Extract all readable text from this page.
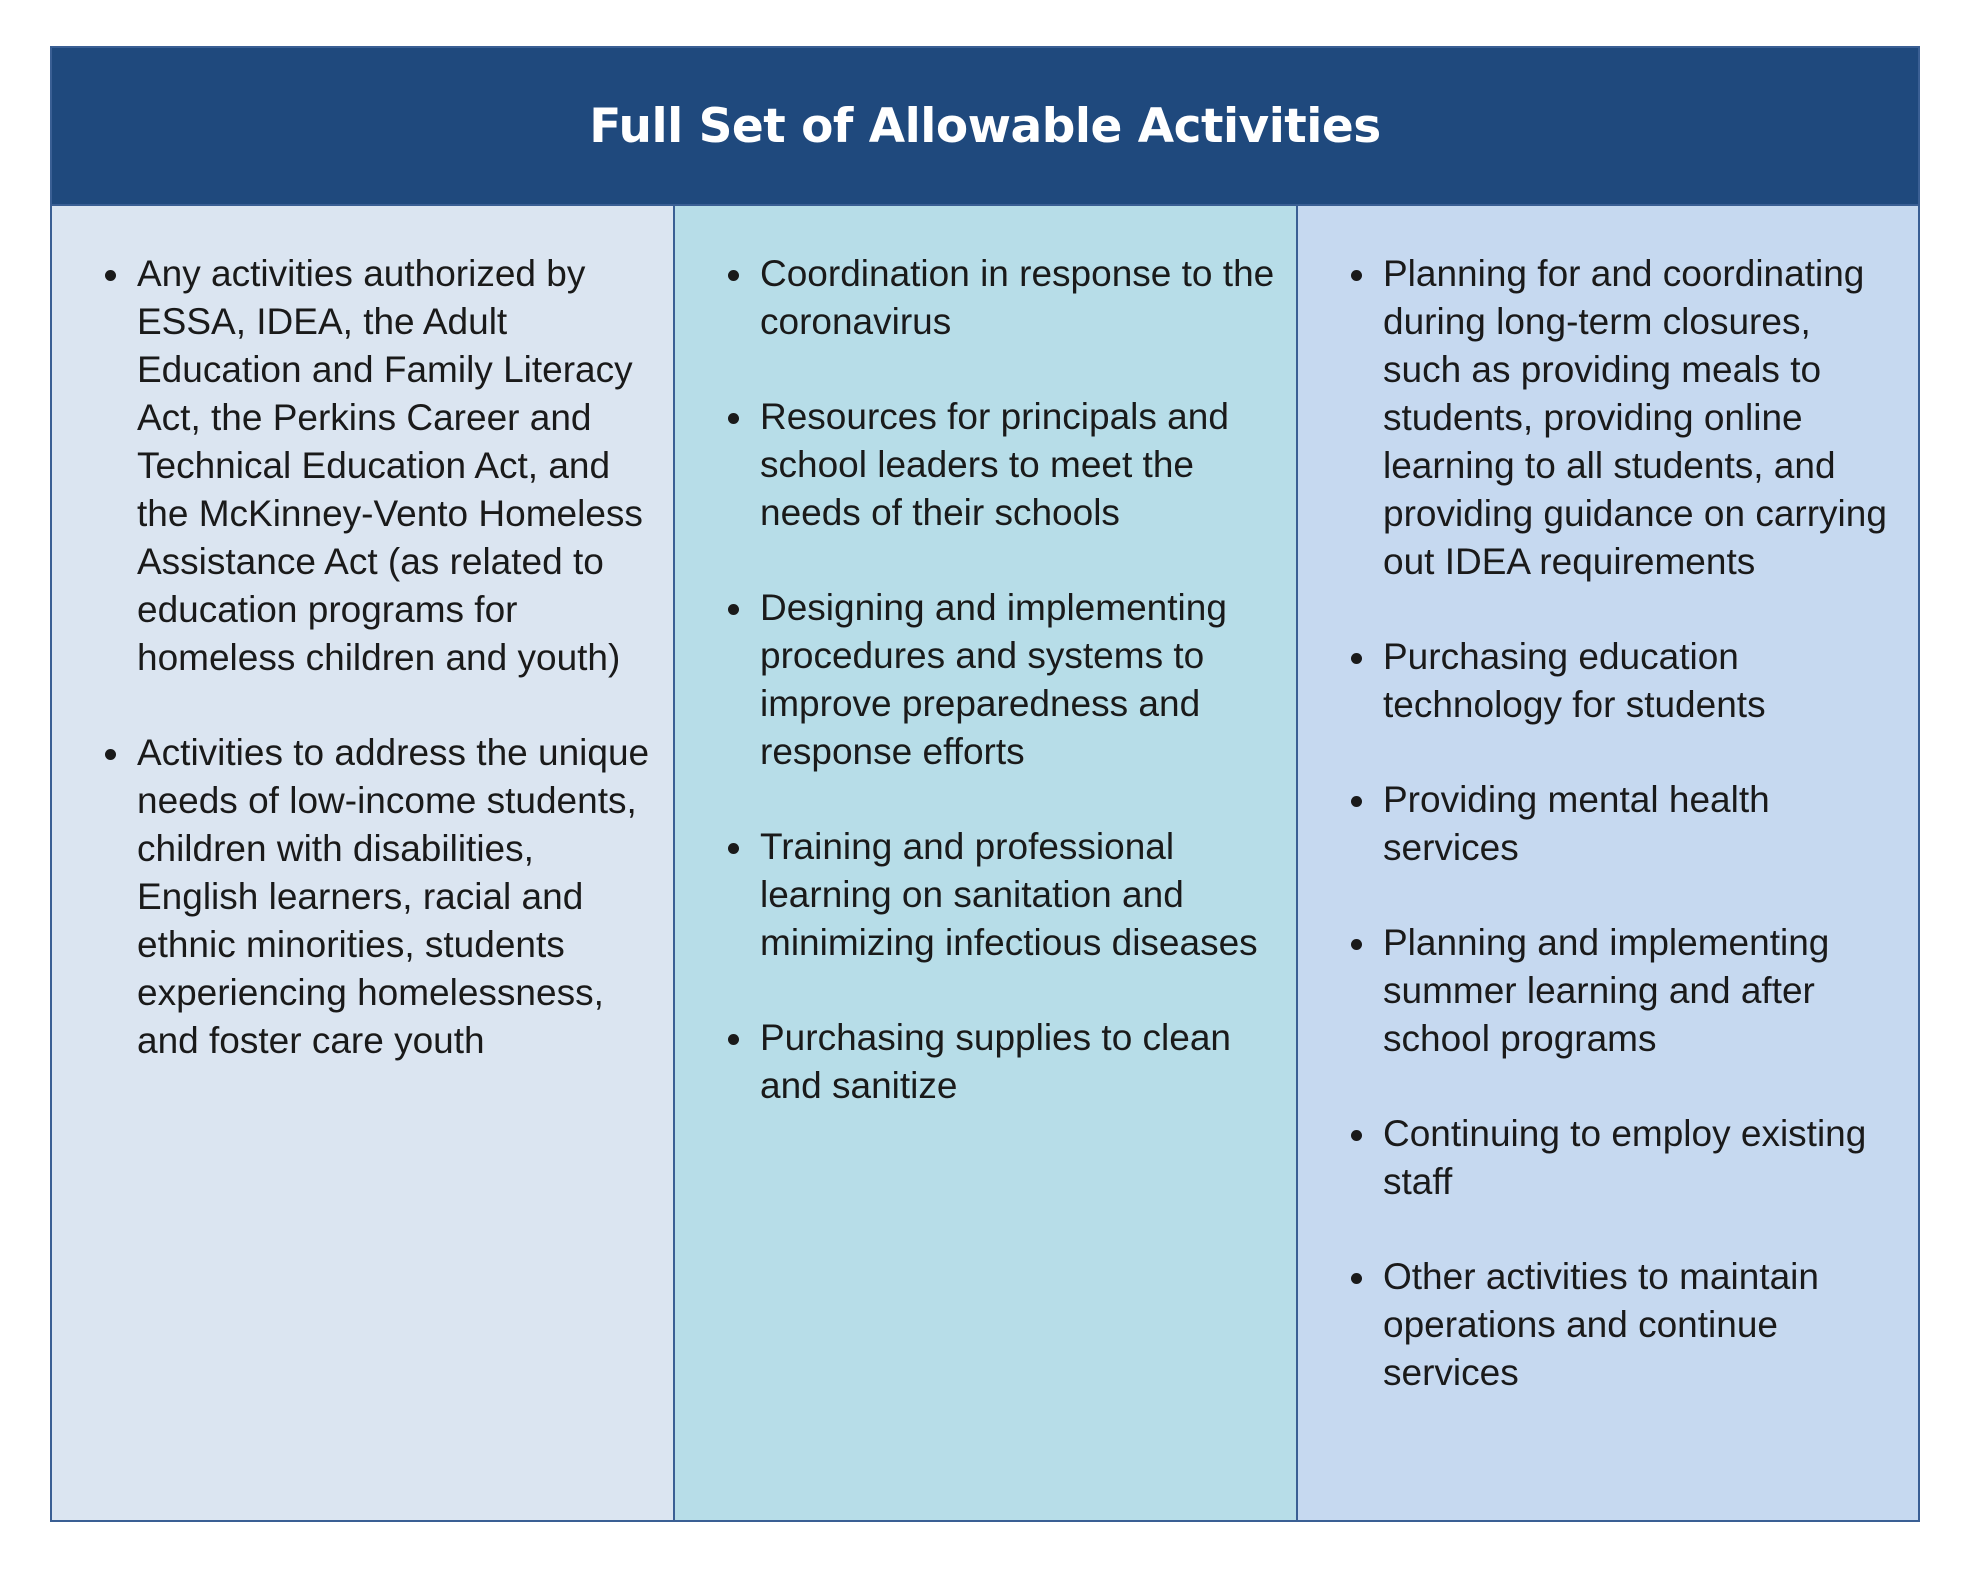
Full Set of Allowable Activities
Any activities authorized by ESSA, IDEA, the Adult Education and Family Literacy Act, the Perkins Career and Technical Education Act, and the McKinney-Vento Homeless Assistance Act (as related to education programs for homeless children and youth)
Activities to address the unique needs of low-income students, children with disabilities, English learners, racial and ethnic minorities, students experiencing homelessness, and foster care youth
Coordination in response to the coronavirus
Resources for principals and school leaders to meet the needs of their schools
Designing and implementing procedures and systems to improve preparedness and response efforts
Training and professional learning on sanitation and minimizing infectious diseases
Purchasing supplies to clean and sanitize
Planning for and coordinating during long-term closures, such as providing meals to students, providing online learning to all students, and providing guidance on carrying out IDEA requirements
Purchasing education technology for students
Providing mental health services
Planning and implementing summer learning and after school programs
Continuing to employ existing staff
Other activities to maintain operations and continue services
